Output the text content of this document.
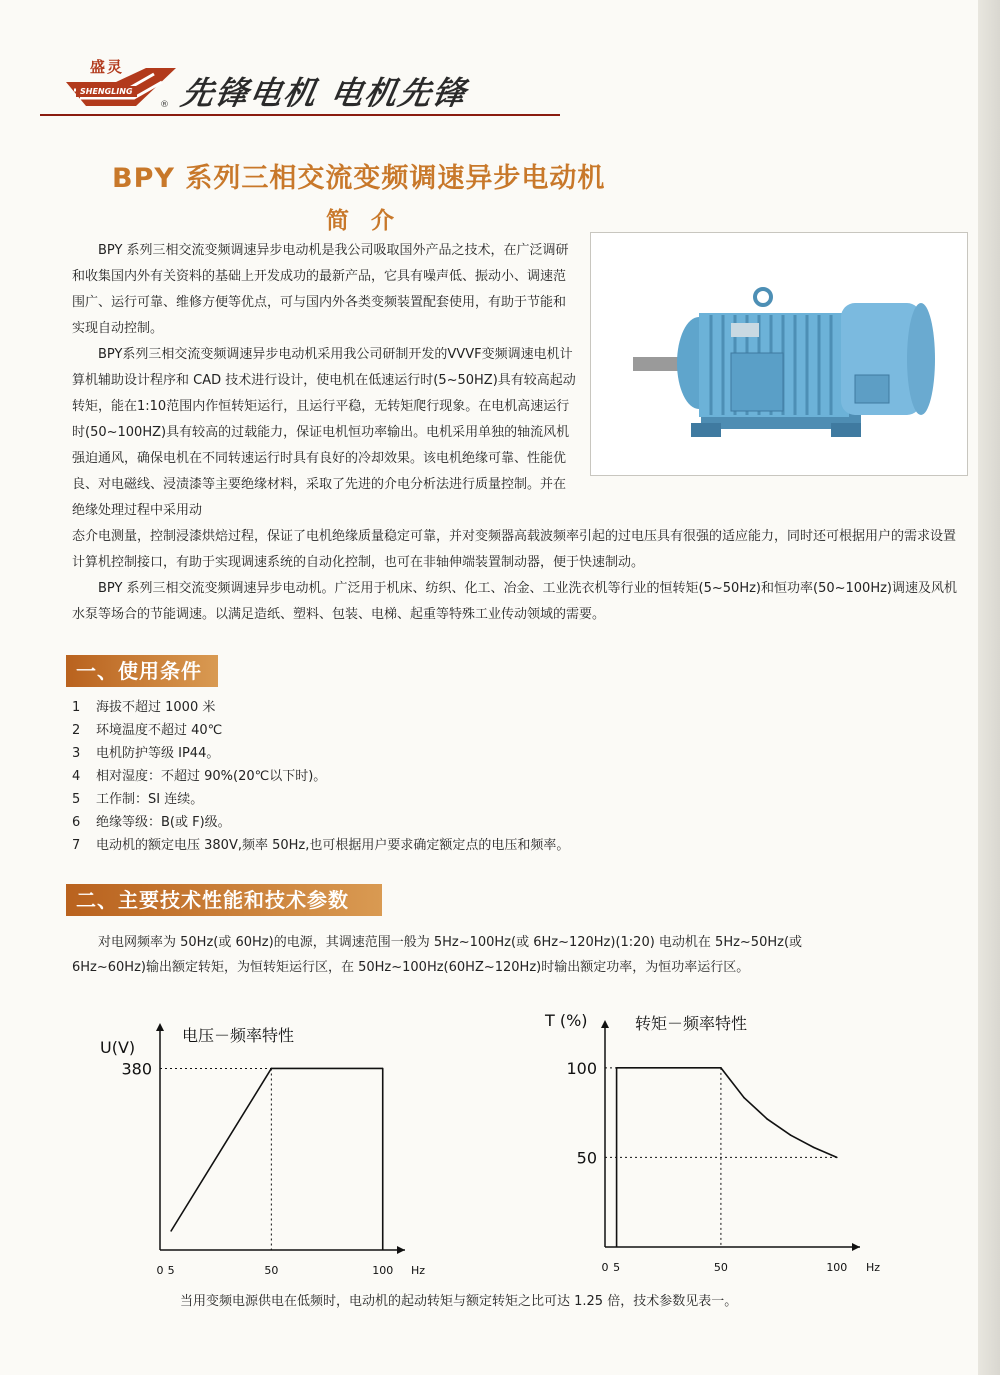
盛灵
SHENGLING
® 先锋电机 电机先锋
BPY 系列三相交流变频调速异步电动机
简介

BPY 系列三相交流变频调速异步电动机是我公司吸取国外产品之技术，在广泛调研和收集国内外有关资料的基础上开发成功的最新产品，它具有噪声低、振动小、调速范围广、运行可靠、维修方便等优点，可与国内外各类变频装置配套使用，有助于节能和实现自动控制。

BPY系列三相交流变频调速异步电动机采用我公司研制开发的VVVF变频调速电机计算机辅助设计程序和 CAD 技术进行设计，使电机在低速运行时(5~50HZ)具有较高起动转矩，能在1:10范围内作恒转矩运行，且运行平稳，无转矩爬行现象。在电机高速运行时(50~100HZ)具有较高的过载能力，保证电机恒功率输出。电机采用单独的轴流风机强迫通风，确保电机在不同转速运行时具有良好的冷却效果。该电机绝缘可靠、性能优良、对电磁线、浸渍漆等主要绝缘材料，采取了先进的介电分析法进行质量控制。并在绝缘处理过程中采用动

态介电测量，控制浸漆烘焙过程，保证了电机绝缘质量稳定可靠，并对变频器高载波频率引起的过电压具有很强的适应能力，同时还可根据用户的需求设置计算机控制接口，有助于实现调速系统的自动化控制，也可在非轴伸端装置制动器，便于快速制动。

BPY 系列三相交流变频调速异步电动机。广泛用于机床、纺织、化工、冶金、工业洗衣机等行业的恒转矩(5~50Hz)和恒功率(50~100Hz)调速及风机水泵等场合的节能调速。以满足造纸、塑料、包装、电梯、起重等特殊工业传动领域的需要。

一、使用条件
1	海拔不超过 1000 米
2	环境温度不超过 40℃
3	电机防护等级 IP44。
4	相对湿度：不超过 90%(20℃以下时)。
5	工作制：SI 连续。
6	绝缘等级：B(或 F)级。
7	电动机的额定电压 380V,频率 50Hz,也可根据用户要求确定额定点的电压和频率。
二、主要技术性能和技术参数
对电网频率为 50Hz(或 60Hz)的电源，其调速范围一般为 5Hz~100Hz(或 6Hz~120Hz)(1:20) 电动机在 5Hz~50Hz(或
6Hz~60Hz)输出额定转矩，为恒转矩运行区，在 50Hz~100Hz(60HZ~120Hz)时输出额定功率，为恒功率运行区。
电压－频率特性
U(V)
Hz
0 5	50	100
380
转矩－频率特性
T (%)
Hz
0 5	50	100
100
50
当用变频电源供电在低频时，电动机的起动转矩与额定转矩之比可达 1.25 倍，技术参数见表一。
